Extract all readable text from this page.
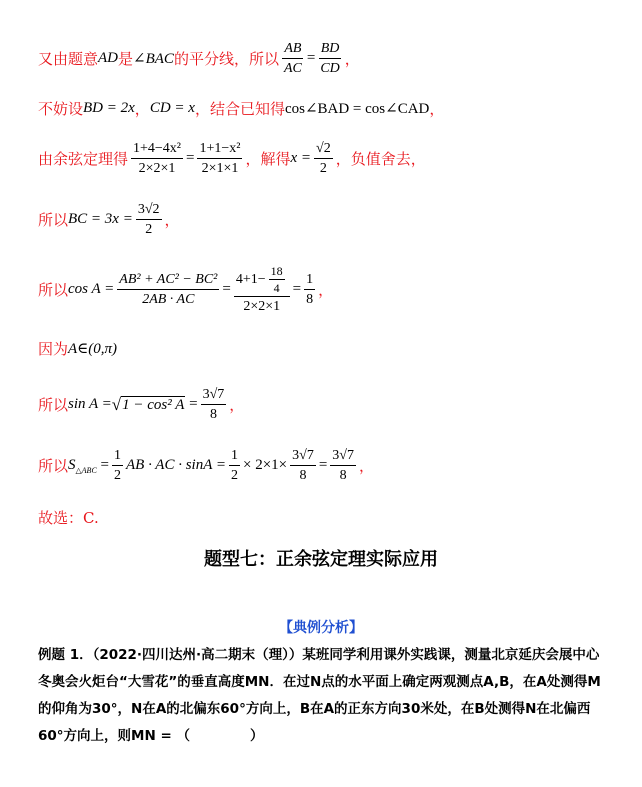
又由题意 AD 是 ∠BAC 的平分线，所以 $\frac{AB}{AC} = \frac{BD}{CD}$ ，
不妨设 BD = 2x ， CD = x ，结合已知得 cos∠BAD = cos∠CAD ，
由余弦定理得 $\frac{\text{1+4−4x²}}{2\times 2\times 1} = \frac{\text{1+1−x²}}{2\times 1\times 1}$ ，解得 $x = \frac{√2}{2}$ ，负值舍去，
所以 BC = $3x = \frac{3√2}{2}$ ，
所以 $\cos A = \frac{\text{AB² + AC² − BC²}}{2AB \cdot AC} = \frac{4+1- \frac{18}{4}}{2\times 2\times 1} = \frac{1}{8}$ ，
因为 A∈(0,π)
所以 sin A = √ 1 − cos² $A = \frac{3√7}{8}$ ，
所以 $S_{\triangle ABC} = \frac{1}{2}$ AB · AC · $\sin A = \frac{1}{2} \times 2\times 1\times \frac{3√7}{8} = \frac{3√7}{8}$ ，
故选：C.
题型七：正余弦定理实际应用
【典例分析】
例题 1．（2022·四川达州·高二期末（理））某班同学利用课外实践课，测量北京延庆会展中心冬奥会火炬台“大雪花”的垂直高度MN．在过N点的水平面上确定两观测点A,B，在A处测得M的仰角为30°，N在A的北偏东60°方向上，B在A的正东方向30米处，在B处测得N在北偏西60°方向上，则MN = （	）
